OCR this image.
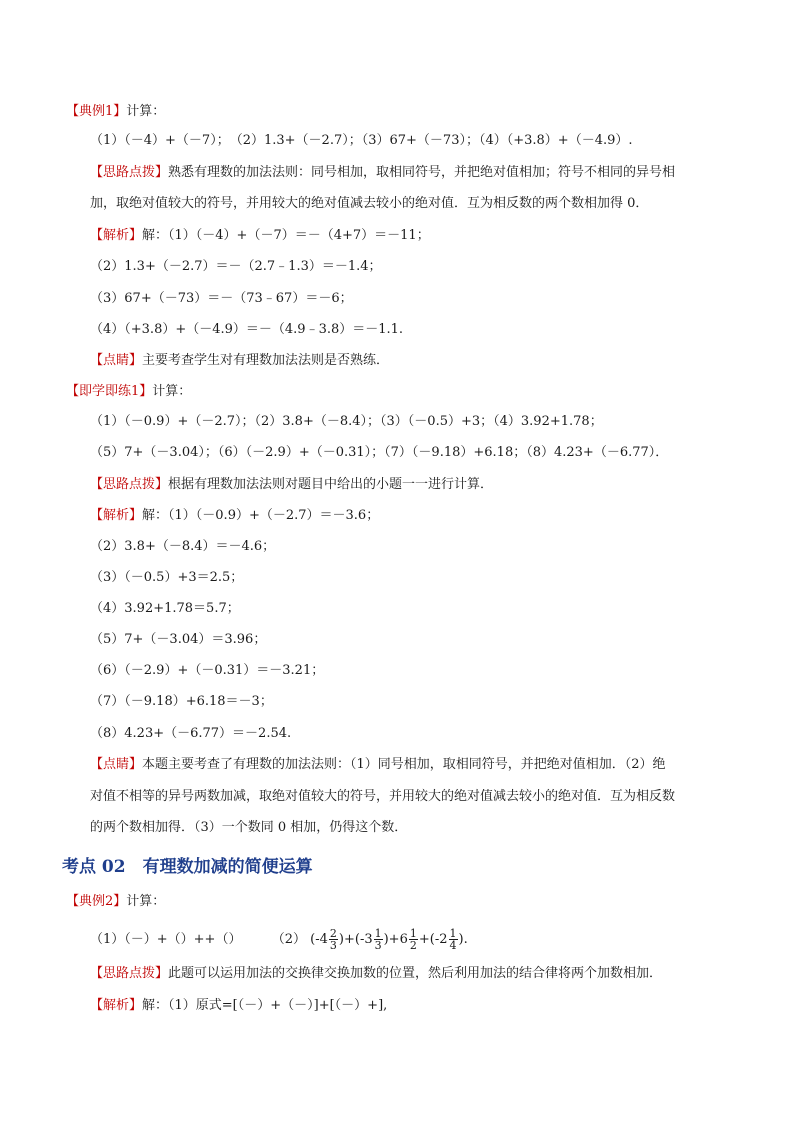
【典例1】计算：
（1）（－4）+（－7）；　（2）1.3+（－2.7）；（3）67+（－73）；（4）（+3.8）+（－4.9）.
【思路点拨】熟悉有理数的加法法则：同号相加，取相同符号，并把绝对值相加；符号不相同的异号相
加，取绝对值较大的符号，并用较大的绝对值减去较小的绝对值．互为相反数的两个数相加得 0．
【解析】解：（1）（－4）+（－7）＝－（4+7）＝－11；
（2）1.3+（－2.7）＝－（2.7﹣1.3）＝－1.4；
（3）67+（－73）＝－（73﹣67）＝－6；
（4）（+3.8）+（－4.9）＝－（4.9﹣3.8）＝－1.1.
【点睛】主要考查学生对有理数加法法则是否熟练．
【即学即练1】计算：
（1）（－0.9）+（－2.7）；（2）3.8+（－8.4）；（3）（－0.5）+3；（4）3.92+1.78；
（5）7+（－3.04）；（6）（－2.9）+（－0.31）；（7）（－9.18）+6.18；（8）4.23+（－6.77）．
【思路点拨】根据有理数加法法则对题目中给出的小题一一进行计算．
【解析】解：（1）（－0.9）+（－2.7）＝－3.6；
（2）3.8+（－8.4）＝－4.6；
（3）（－0.5）+3＝2.5；
（4）3.92+1.78＝5.7；
（5）7+（－3.04）＝3.96；
（6）（－2.9）+（－0.31）＝－3.21；
（7）（－9.18）+6.18＝－3；
（8）4.23+（－6.77）＝－2.54.
【点睛】本题主要考查了有理数的加法法则：（1）同号相加，取相同符号，并把绝对值相加．（2）绝
对值不相等的异号两数加减，取绝对值较大的符号，并用较大的绝对值减去较小的绝对值．互为相反数
的两个数相加得．（3）一个数同 0 相加，仍得这个数．
考点 02　有理数加减的简便运算
【典例2】计算：
（1）（－）+（）++（） （2） $(-4 \frac{2}{3} )+(-3 \frac{1}{3} )+6 \frac{1}{2} +(-2 \frac{1}{4}$ ).
【思路点拨】此题可以运用加法的交换律交换加数的位置，然后利用加法的结合律将两个加数相加．
【解析】解：（1）原式=[（－）+（－）]+[（－）+],
